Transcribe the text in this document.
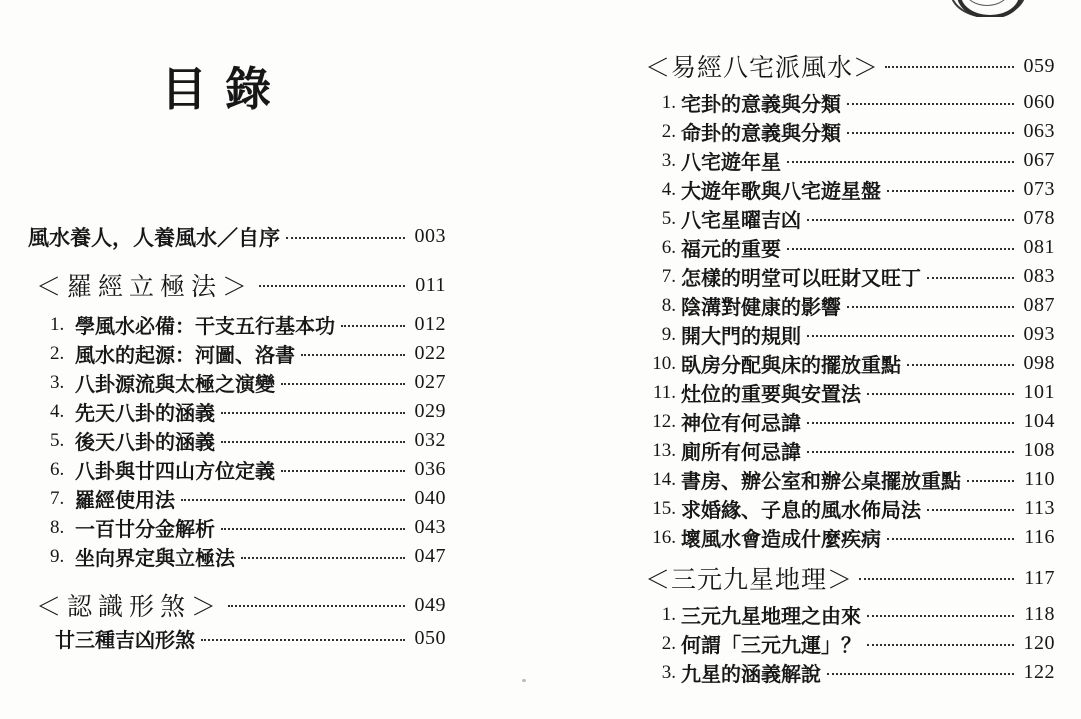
目錄
風水養人，人養風水／自序	003
＜羅經立極法＞	011
1. 學風水必備：干支五行基本功	012
2. 風水的起源：河圖、洛書	022
3. 八卦源流與太極之演變	027
4. 先天八卦的涵義	029
5. 後天八卦的涵義	032
6. 八卦與廿四山方位定義	036
7. 羅經使用法	040
8. 一百廿分金解析	043
9. 坐向界定與立極法	047
＜認識形煞＞	049
廿三種吉凶形煞	050
＜易經八宅派風水＞	059
1. 宅卦的意義與分類	060
2. 命卦的意義與分類	063
3. 八宅遊年星	067
4. 大遊年歌與八宅遊星盤	073
5. 八宅星曜吉凶	078
6. 福元的重要	081
7. 怎樣的明堂可以旺財又旺丁	083
8. 陰溝對健康的影響	087
9. 開大門的規則	093
10. 臥房分配與床的擺放重點	098
11. 灶位的重要與安置法	101
12. 神位有何忌諱	104
13. 廁所有何忌諱	108
14. 書房、辦公室和辦公桌擺放重點	110
15. 求婚緣、子息的風水佈局法	113
16. 壞風水會造成什麼疾病	116
＜三元九星地理＞	117
1. 三元九星地理之由來	118
2. 何謂「三元九運」？	120
3. 九星的涵義解說	122
